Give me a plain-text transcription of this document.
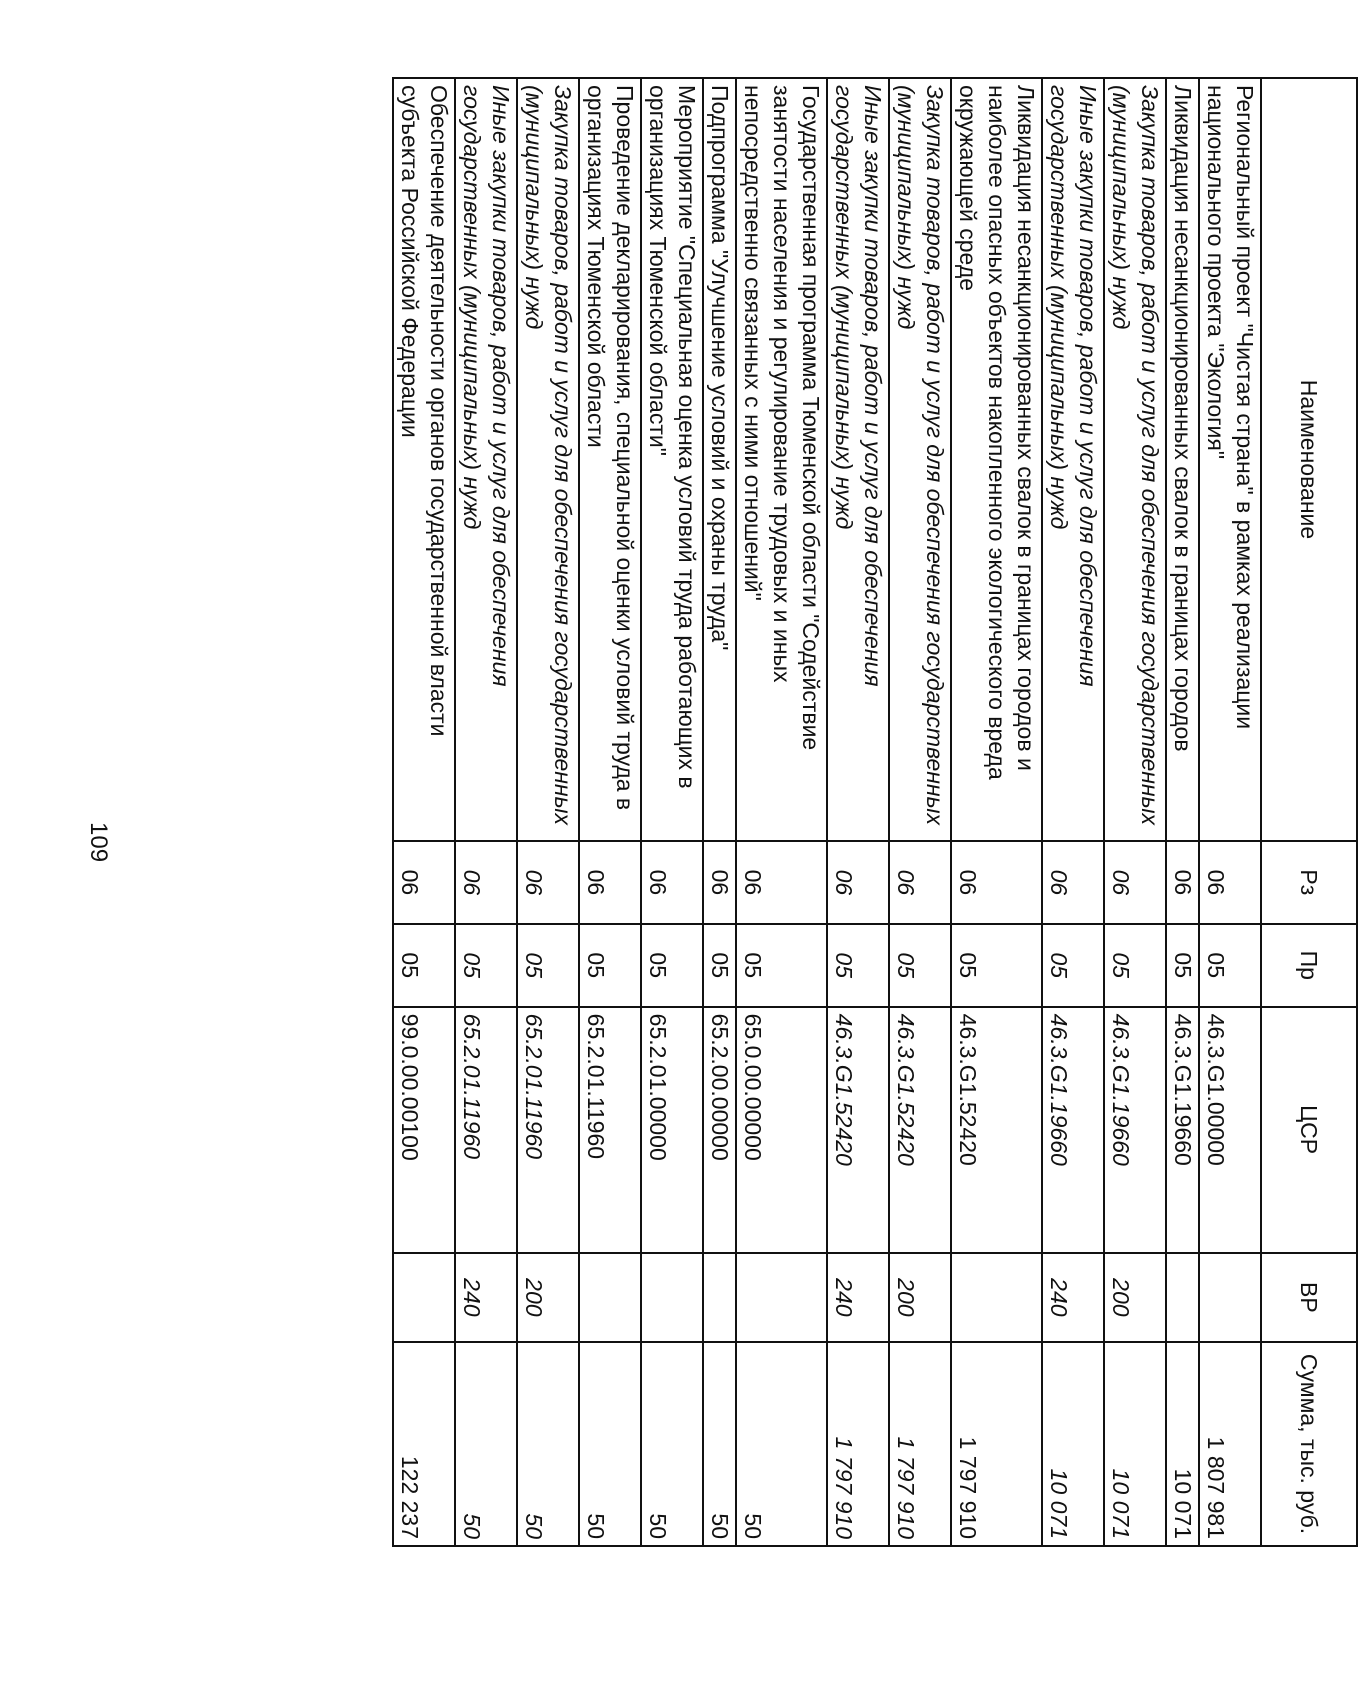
109
Наименование	Рз	Пр	ЦСР	ВР	Сумма, тыс. руб.
Региональный проект "Чистая страна" в рамках реализации национального проекта "Экология"	06	05	46.3.G1.00000		1 807 981
Ликвидация несанкционированных свалок в границах городов	06	05	46.3.G1.19660		10 071
Закупка товаров, работ и услуг для обеспечения государственных (муниципальных) нужд	06	05	46.3.G1.19660	200	10 071
Иные закупки товаров, работ и услуг для обеспечения государственных (муниципальных) нужд	06	05	46.3.G1.19660	240	10 071
Ликвидация несанкционированных свалок в границах городов и наиболее опасных объектов накопленного экологического вреда окружающей среде	06	05	46.3.G1.52420		1 797 910
Закупка товаров, работ и услуг для обеспечения государственных (муниципальных) нужд	06	05	46.3.G1.52420	200	1 797 910
Иные закупки товаров, работ и услуг для обеспечения государственных (муниципальных) нужд	06	05	46.3.G1.52420	240	1 797 910
Государственная программа Тюменской области "Содействие занятости населения и регулирование трудовых и иных непосредственно связанных с ними отношений"	06	05	65.0.00.00000		50
Подпрограмма "Улучшение условий и охраны труда"	06	05	65.2.00.00000		50
Мероприятие "Специальная оценка условий труда работающих в организациях Тюменской области"	06	05	65.2.01.00000		50
Проведение декларирования, специальной оценки условий труда в организациях Тюменской области	06	05	65.2.01.11960		50
Закупка товаров, работ и услуг для обеспечения государственных (муниципальных) нужд	06	05	65.2.01.11960	200	50
Иные закупки товаров, работ и услуг для обеспечения государственных (муниципальных) нужд	06	05	65.2.01.11960	240	50
Обеспечение деятельности органов государственной власти субъекта Российской Федерации	06	05	99.0.00.00100		122 237
